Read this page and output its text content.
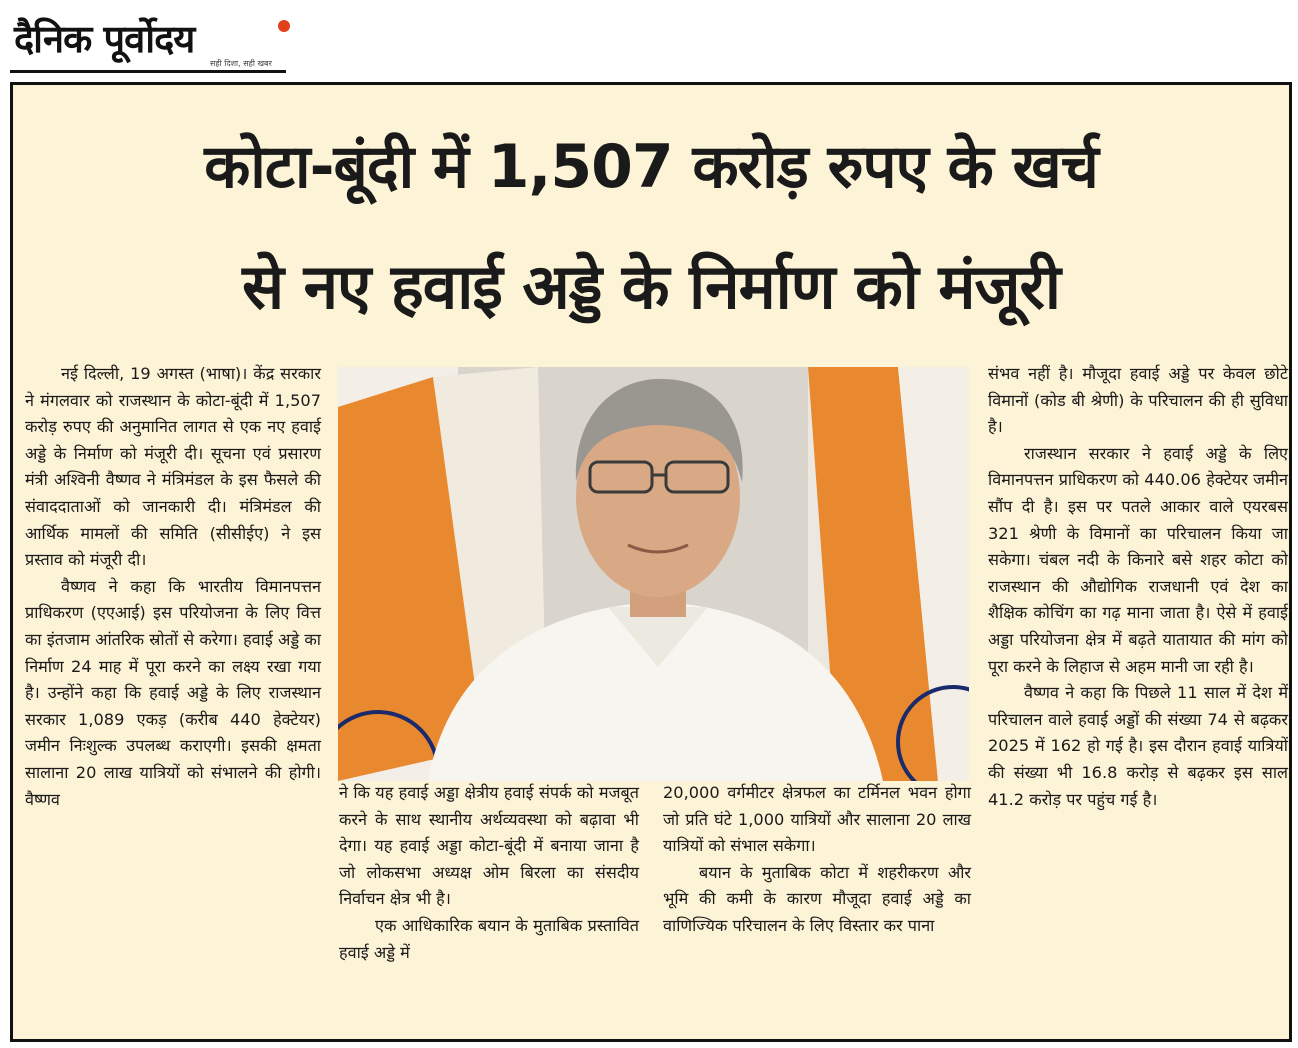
दैनिक पूर्वोदय
सही दिशा, सही खबर
कोटा-बूंदी में 1,507 करोड़ रुपए के खर्च
से नए हवाई अड्डे के निर्माण को मंजूरी

नई दिल्ली, 19 अगस्त (भाषा)। केंद्र सरकार ने मंगलवार को राजस्थान के कोटा-बूंदी में 1,507 करोड़ रुपए की अनुमानित लागत से एक नए हवाई अड्डे के निर्माण को मंजूरी दी। सूचना एवं प्रसारण मंत्री अश्विनी वैष्णव ने मंत्रिमंडल के इस फैसले की संवाददाताओं को जानकारी दी। मंत्रिमंडल की आर्थिक मामलों की समिति (सीसीईए) ने इस प्रस्ताव को मंजूरी दी।

वैष्णव ने कहा कि भारतीय विमानपत्तन प्राधिकरण (एएआई) इस परियोजना के लिए वित्त का इंतजाम आंतरिक स्रोतों से करेगा। हवाई अड्डे का निर्माण 24 माह में पूरा करने का लक्ष्य रखा गया है। उन्होंने कहा कि हवाई अड्डे के लिए राजस्थान सरकार 1,089 एकड़ (करीब 440 हेक्टेयर) जमीन निःशुल्क उपलब्ध कराएगी। इसकी क्षमता सालाना 20 लाख यात्रियों को संभालने की होगी। वैष्णव	ने कि यह हवाई अड्डा क्षेत्रीय हवाई संपर्क को मजबूत करने के साथ स्थानीय अर्थव्यवस्था को बढ़ावा भी देगा। यह हवाई अड्डा कोटा-बूंदी में बनाया जाना है जो लोकसभा अध्यक्ष ओम बिरला का संसदीय निर्वाचन क्षेत्र भी है।

एक आधिकारिक बयान के मुताबिक प्रस्तावित हवाई अड्डे में

20,000 वर्गमीटर क्षेत्रफल का टर्मिनल भवन होगा जो प्रति घंटे 1,000 यात्रियों और सालाना 20 लाख यात्रियों को संभाल सकेगा।

बयान के मुताबिक कोटा में शहरीकरण और भूमि की कमी के कारण मौजूदा हवाई अड्डे का वाणिज्यिक परिचालन के लिए विस्तार कर पाना

संभव नहीं है। मौजूदा हवाई अड्डे पर केवल छोटे विमानों (कोड बी श्रेणी) के परिचालन की ही सुविधा है।

राजस्थान सरकार ने हवाई अड्डे के लिए विमानपत्तन प्राधिकरण को 440.06 हेक्टेयर जमीन सौंप दी है। इस पर पतले आकार वाले एयरबस 321 श्रेणी के विमानों का परिचालन किया जा सकेगा। चंबल नदी के किनारे बसे शहर कोटा को राजस्थान की औद्योगिक राजधानी एवं देश का शैक्षिक कोचिंग का गढ़ माना जाता है। ऐसे में हवाई अड्डा परियोजना क्षेत्र में बढ़ते यातायात की मांग को पूरा करने के लिहाज से अहम मानी जा रही है।

वैष्णव ने कहा कि पिछले 11 साल में देश में परिचालन वाले हवाई अड्डों की संख्या 74 से बढ़कर 2025 में 162 हो गई है। इस दौरान हवाई यात्रियों की संख्या भी 16.8 करोड़ से बढ़कर इस साल 41.2 करोड़ पर पहुंच गई है।
